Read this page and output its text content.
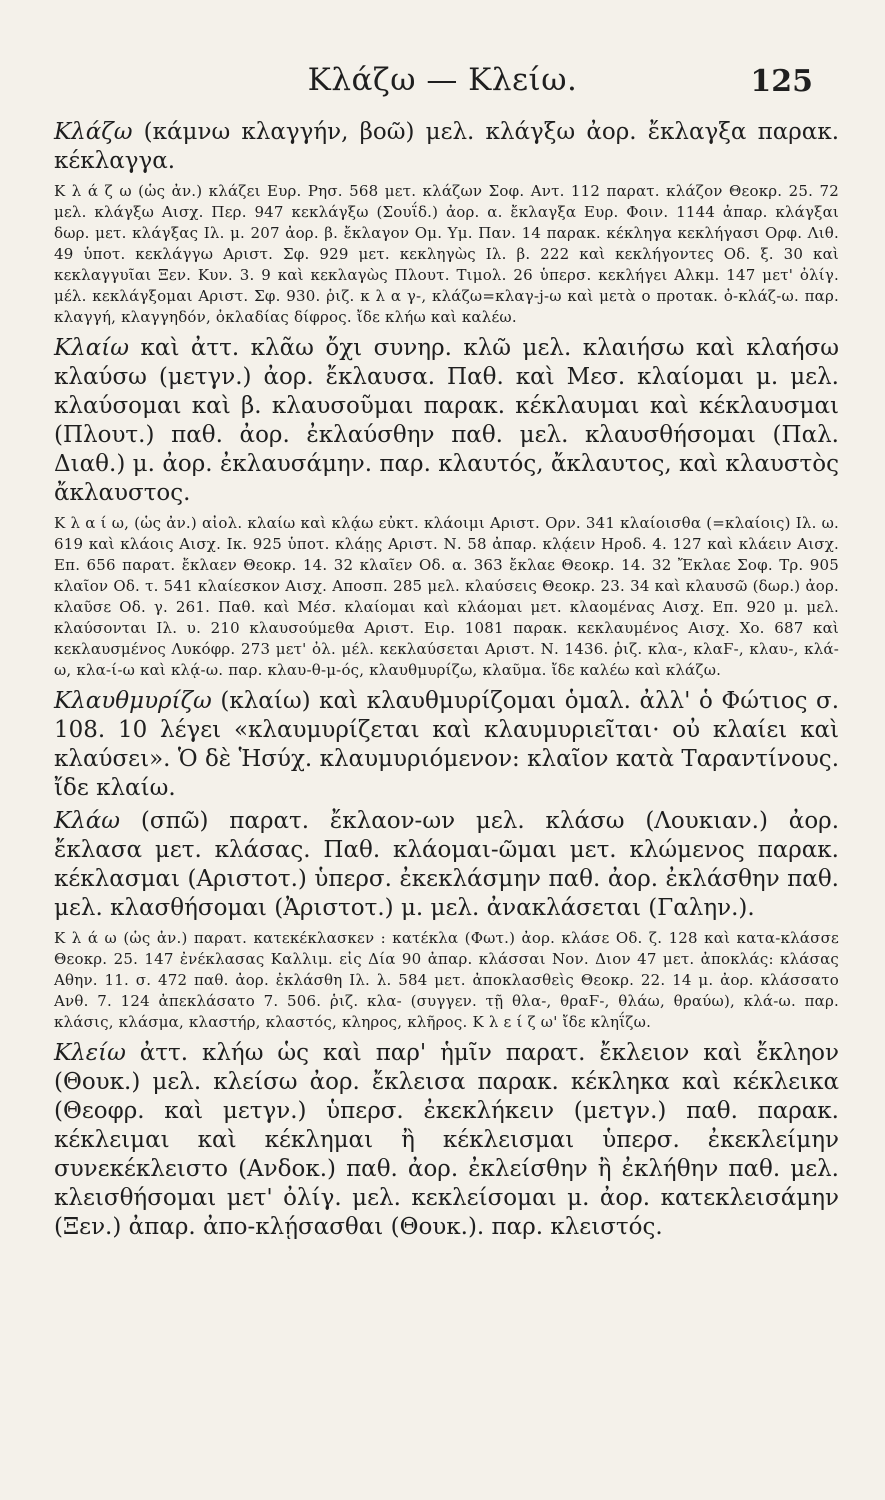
Κλάζω — Κλείω.	125

Κλάζω (κάμνω κλαγγήν, βοῶ) μελ. κλάγξω ἀορ. ἔκλαγξα παρακ. κέκλαγγα.

Κ λ ά ζ ω (ὡς ἀν.) κλάζει Ευρ. Ρησ. 568 μετ. κλάζων Σοφ. Αντ. 112 παρατ. κλάζον Θεοκρ. 25. 72 μελ. κλάγξω Αισχ. Περ. 947 κεκλάγξω (Σουΐδ.) ἀορ. α. ἔκλαγξα Ευρ. Φοιν. 1144 ἀπαρ. κλάγξαι δωρ. μετ. κλάγξας Ιλ. μ. 207 ἀορ. β. ἔκλαγον Ομ. Υμ. Παν. 14 παρακ. κέκληγα κεκλήγασι Ορφ. Λιθ. 49 ὑποτ. κεκλάγγω Αριστ. Σφ. 929 μετ. κεκληγὼς Ιλ. β. 222 καὶ κεκλήγοντες Οδ. ξ. 30 καὶ κεκλαγγυῖαι Ξεν. Κυν. 3. 9 καὶ κεκλαγὼς Πλουτ. Τιμολ. 26 ὑπερσ. κεκλήγει Αλκμ. 147 μετ' ὀλίγ. μέλ. κεκλάγξομαι Αριστ. Σφ. 930. ῥιζ. κ λ α γ-, κλάζω=κλαγ-j-ω καὶ μετὰ ο προτακ. ὀ-κλάζ-ω. παρ. κλαγγή, κλαγγηδόν, ὀκλαδίας δίφρος. ἴδε κλήω καὶ καλέω.

Κλαίω καὶ ἀττ. κλᾶω ὄχι συνηρ. κλῶ μελ. κλαιήσω καὶ κλαήσω κλαύσω (μετγν.) ἀορ. ἔκλαυσα. Παθ. καὶ Μεσ. κλαίομαι μ. μελ. κλαύσομαι καὶ β. κλαυσοῦμαι παρακ. κέκλαυμαι καὶ κέκλαυσμαι (Πλουτ.) παθ. ἀορ. ἐκλαύσθην παθ. μελ. κλαυσθήσομαι (Παλ. Διαθ.) μ. ἀορ. ἐκλαυσάμην. παρ. κλαυτός, ἄκλαυτος, καὶ κλαυστὸς ἄκλαυστος.

Κ λ α ί ω, (ὡς ἀν.) αἰολ. κλαίω καὶ κλᾴω εὐκτ. κλάοιμι Αριστ. Ορν. 341 κλαίοισθα (=κλαίοις) Ιλ. ω. 619 καὶ κλάοις Αισχ. Ικ. 925 ὑποτ. κλάῃς Αριστ. Ν. 58 ἀπαρ. κλᾴειν Ηροδ. 4. 127 καὶ κλάειν Αισχ. Επ. 656 παρατ. ἔκλαεν Θεοκρ. 14. 32 κλαῖεν Οδ. α. 363 ἔκλαε Θεοκρ. 14. 32 Ἔκλαε Σοφ. Τρ. 905 κλαῖον Οδ. τ. 541 κλαίεσκον Αισχ. Αποσπ. 285 μελ. κλαύσεις Θεοκρ. 23. 34 καὶ κλαυσῶ (δωρ.) ἀορ. κλαῦσε Οδ. γ. 261. Παθ. καὶ Μέσ. κλαίομαι καὶ κλάομαι μετ. κλαομένας Αισχ. Επ. 920 μ. μελ. κλαύσονται Ιλ. υ. 210 κλαυσούμεθα Αριστ. Ειρ. 1081 παρακ. κεκλαυμένος Αισχ. Χο. 687 καὶ κεκλαυσμένος Λυκόφρ. 273 μετ' ὀλ. μέλ. κεκλαύσεται Αριστ. Ν. 1436. ῥιζ. κλα-, κλαϜ-, κλαυ-, κλά-ω, κλα-ί-ω καὶ κλᾴ-ω. παρ. κλαυ-θ-μ-ός, κλαυθμυρίζω, κλαῦμα. ἴδε καλέω καὶ κλάζω.

Κλαυθμυρίζω (κλαίω) καὶ κλαυθμυρίζομαι ὁμαλ. ἀλλ' ὁ Φώτιος σ. 108. 10 λέγει «κλαυμυρίζεται καὶ κλαυμυριεῖται· οὐ κλαίει καὶ κλαύσει». Ὁ δὲ Ἡσύχ. κλαυμυριόμενον: κλαῖον κατὰ Ταραντίνους. ἴδε κλαίω.

Κλάω (σπῶ) παρατ. ἔκλαον-ων μελ. κλάσω (Λουκιαν.) ἀορ. ἔκλασα μετ. κλάσας. Παθ. κλάομαι-ῶμαι μετ. κλώμενος παρακ. κέκλασμαι (Αριστοτ.) ὑπερσ. ἐκεκλάσμην παθ. ἀορ. ἐκλάσθην παθ. μελ. κλασθήσομαι (Ἀριστοτ.) μ. μελ. ἀνακλάσεται (Γαλην.).

Κ λ ά ω (ὡς ἀν.) παρατ. κατεκέκλασκεν : κατέκλα (Φωτ.) ἀορ. κλάσε Οδ. ζ. 128 καὶ κατα-κλάσσε Θεοκρ. 25. 147 ἐνέκλασας Καλλιμ. εἰς Δία 90 ἀπαρ. κλάσσαι Νον. Διον 47 μετ. ἀποκλάς: κλάσας Αθην. 11. σ. 472 παθ. ἀορ. ἐκλάσθη Ιλ. λ. 584 μετ. ἀποκλασθεὶς Θεοκρ. 22. 14 μ. ἀορ. κλάσσατο Ανθ. 7. 124 ἀπεκλάσατο 7. 506. ῥιζ. κλα- (συγγεν. τῇ θλα-, θραϜ-, θλάω, θραύω), κλά-ω. παρ. κλάσις, κλάσμα, κλαστήρ, κλαστός, κληρος, κλῆρος. Κ λ ε ί ζ ω' ἴδε κληΐζω.

Κλείω ἀττ. κλήω ὡς καὶ παρ' ἡμῖν παρατ. ἔκλειον καὶ ἔκληον (Θουκ.) μελ. κλείσω ἀορ. ἔκλεισα παρακ. κέκληκα καὶ κέκλεικα (Θεοφρ. καὶ μετγν.) ὑπερσ. ἐκεκλήκειν (μετγν.) παθ. παρακ. κέκλειμαι καὶ κέκλημαι ἢ κέκλεισμαι ὑπερσ. ἐκεκλείμην συνεκέκλειστο (Ανδοκ.) παθ. ἀορ. ἐκλείσθην ἢ ἐκλήθην παθ. μελ. κλεισθήσομαι μετ' ὀλίγ. μελ. κεκλείσομαι μ. ἀορ. κατεκλεισάμην (Ξεν.) ἀπαρ. ἀπο-κλῄσασθαι (Θουκ.). παρ. κλειστός.
